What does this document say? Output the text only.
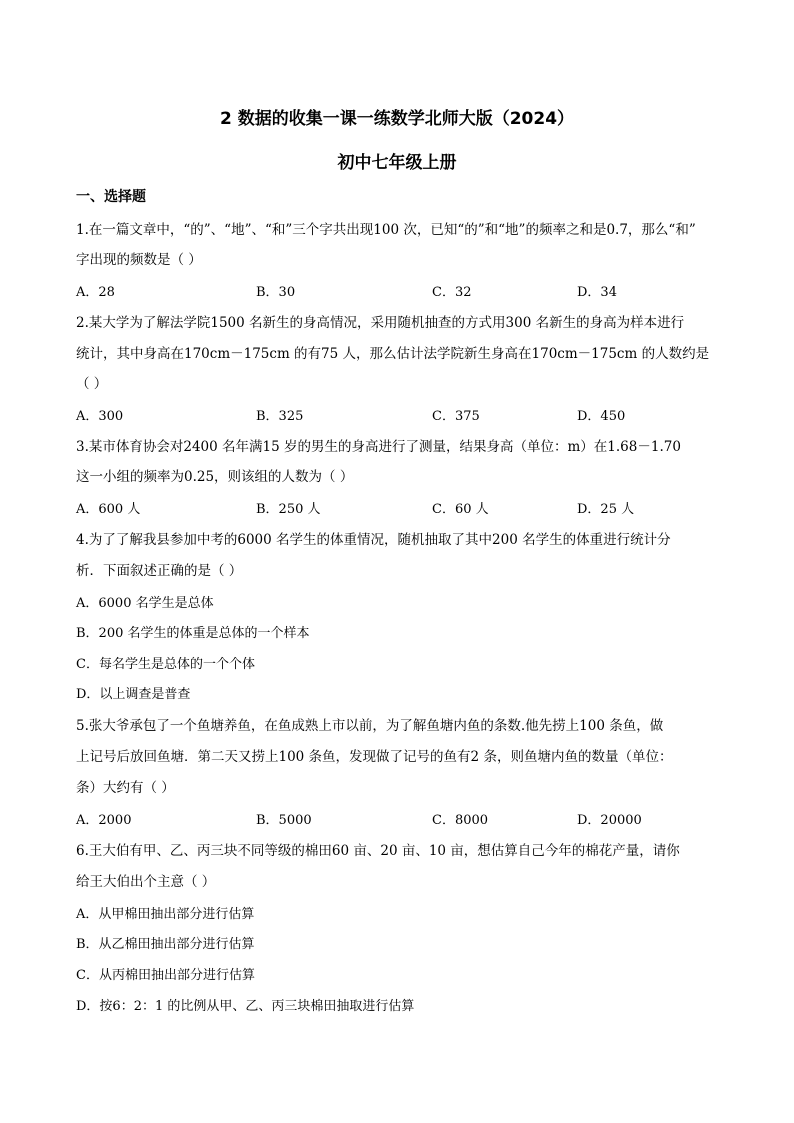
2 数据的收集一课一练数学北师大版（2024）
初中七年级上册
一、选择题
1.在一篇文章中，“的”、“地”、“和”三个字共出现100 次，已知“的”和“地”的频率之和是0.7，那么“和”
字出现的频数是（ ）
A．28	B．30	C．32	D．34
2.某大学为了解法学院1500 名新生的身高情况，采用随机抽查的方式用300 名新生的身高为样本进行
统计，其中身高在170cm－175cm 的有75 人，那么估计法学院新生身高在170cm－175cm 的人数约是
（ ）
A．300	B．325	C．375	D．450
3.某市体育协会对2400 名年满15 岁的男生的身高进行了测量，结果身高（单位：m）在1.68－1.70
这一小组的频率为0.25，则该组的人数为（ ）
A．600 人	B．250 人	C．60 人	D．25 人
4.为了了解我县参加中考的6000 名学生的体重情况，随机抽取了其中200 名学生的体重进行统计分
析．下面叙述正确的是（ ）
A．6000 名学生是总体
B．200 名学生的体重是总体的一个样本
C．每名学生是总体的一个个体
D．以上调查是普查
5.张大爷承包了一个鱼塘养鱼，在鱼成熟上市以前，为了解鱼塘内鱼的条数.他先捞上100 条鱼，做
上记号后放回鱼塘．第二天又捞上100 条鱼，发现做了记号的鱼有2 条，则鱼塘内鱼的数量（单位：
条）大约有（ ）
A．2000	B．5000	C．8000	D．20000
6.王大伯有甲、乙、丙三块不同等级的棉田60 亩、20 亩、10 亩，想估算自己今年的棉花产量，请你
给王大伯出个主意（ ）
A．从甲棉田抽出部分进行估算
B．从乙棉田抽出部分进行估算
C．从丙棉田抽出部分进行估算
D．按6：2：1 的比例从甲、乙、丙三块棉田抽取进行估算
